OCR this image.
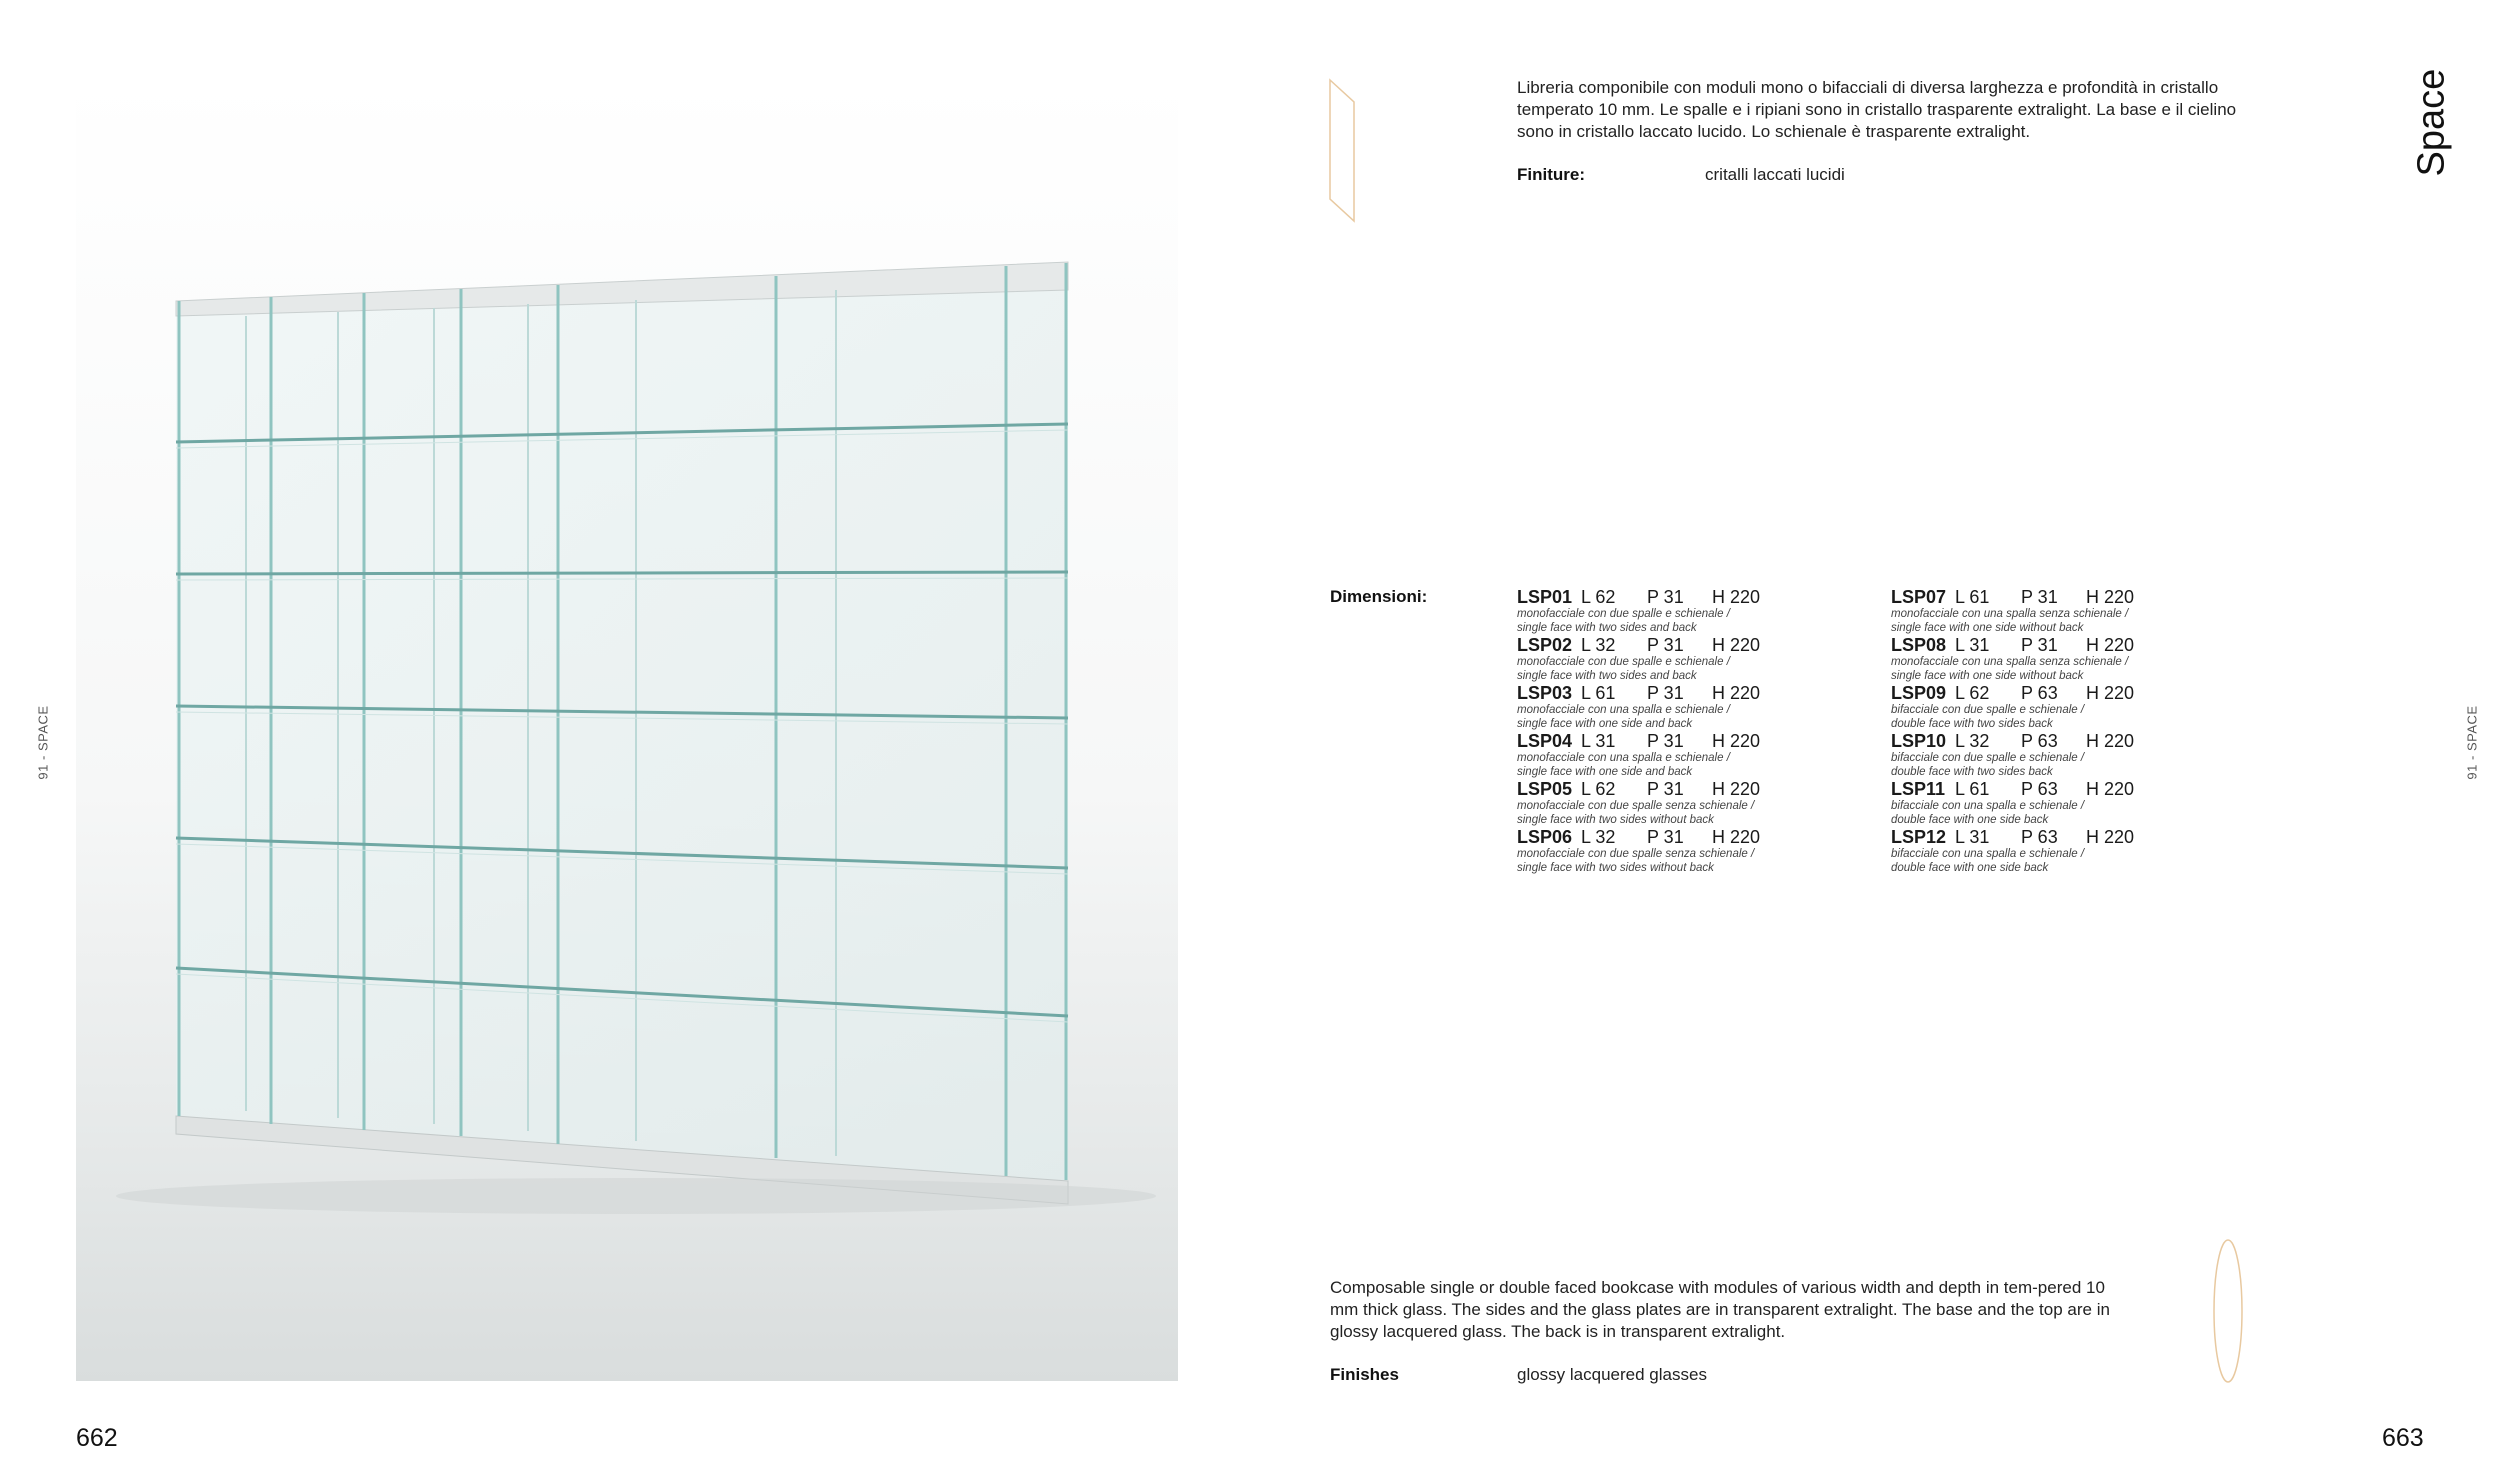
91 - SPACE
662
Libreria componibile con moduli mono o bifacciali di diversa larghezza e profondità in cristallo temperato 10 mm. Le spalle e i ripiani sono in cristallo trasparente extralight. La base e il cielino sono in cristallo laccato lucido. Lo schienale è trasparente extralight.
Finiture:	critalli laccati lucidi	Space
91 - SPACE
Dimensioni:	LSP01 L 62 P 31 H 220
monofacciale con due spalle e schienale /
single face with two sides and back
LSP02 L 32 P 31 H 220
monofacciale con due spalle e schienale /
single face with two sides and back
LSP03 L 61 P 31 H 220
monofacciale con una spalla e schienale /
single face with one side and back
LSP04 L 31 P 31 H 220
monofacciale con una spalla e schienale /
single face with one side and back
LSP05 L 62 P 31 H 220
monofacciale con due spalle senza schienale /
single face with two sides without back
LSP06 L 32 P 31 H 220
monofacciale con due spalle senza schienale /
single face with two sides without back
LSP07 L 61 P 31 H 220
monofacciale con una spalla senza schienale /
single face with one side without back
LSP08 L 31 P 31 H 220
monofacciale con una spalla senza schienale /
single face with one side without back
LSP09 L 62 P 63 H 220
bifacciale con due spalle e schienale /
double face with two sides back
LSP10 L 32 P 63 H 220
bifacciale con due spalle e schienale /
double face with two sides back
LSP11 L 61 P 63 H 220
bifacciale con una spalla e schienale /
double face with one side back
LSP12 L 31 P 63 H 220
bifacciale con una spalla e schienale /
double face with one side back
Composable single or double faced bookcase with modules of various width and depth in tem-pered 10 mm thick glass. The sides and the glass plates are in transparent extralight. The base and the top are in glossy lacquered glass. The back is in transparent extralight.
Finishes	glossy lacquered glasses
663
